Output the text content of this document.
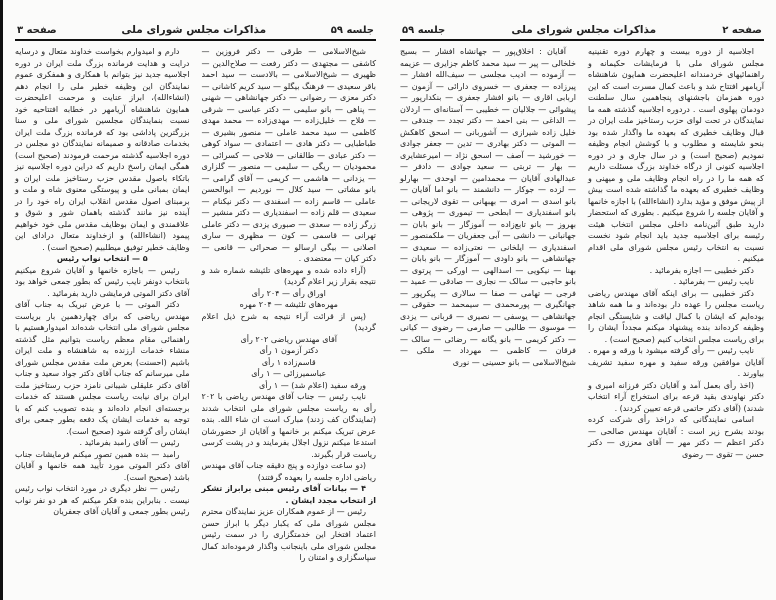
صفحه ۳	مذاکرات مجلس شورای ملی	جلسه ۵۹

شیخ‌الاسلامی — طرقی — دکتر فروزین — کاشفی — مجتهدی — دکتر رفعت — صلاح‌الدین — ظهیری — شیخ‌الاسلامی — بالادست — سید احمد باقر سعیدی — فرهنگ بیگلو — سید کریم کاشانی — دکتر معزی — رضوانی — دکتر جهانشاهی — شهنی — پناهی — بانو سلیمی — دکتر عباسی — شرقی — فلاح — خلیل‌زاده — مهدی‌زاده — محمد مهدی کاظمی — سید محمد عاملی — منصور بشیری — طباطبایی — دکتر هادی — اعتمادی — سواد کوهی — دکتر عبادی — طالقانی — فلاحی — کسرائی — محمودیان — ریگی — سلیمی — منصور — گلزاری — یزدانی — هاشمی — کریمی — آقای گرامی — بانو مشاتی — سید کلال — نوردیم — ابوالحسن عاملی — قاسم زاده — اسفندی — دکتر نیکنام — سعیدی — قلم زاده — اسفندیاری — دکتر منشیر — زرگر زاده — سعدی — صبوری یزدی — دکتر عاملی تهرانی — قاسمی — کون — مظهری — ساری اصلانی — بیگی ارسالو — صحرائی — قانعی — دکتر کیان — معتضدی .

(آراء داده شده و مهره‌های تلثیشه شماره شد و نتیجه بقرار زیر اعلام گردید)

اوراق رأی — ۲۰۴ رأی

مهره‌های تلثیشه — ۲۰۴ مهره

(پس از قرائت آراء نتیجه به شرح ذیل اعلام گردید)

آقای مهندس ریاضی ۲۰۲ رأی

دکتر آزمون ۱ رأی

قاسم‌زاده ۱ رأی

عباسمیرزائی — ۱ رأی

ورقه سفید (اعلام شد) — ۱ رأی

نایب رئیس — جناب آقای مهندس ریاضی با ۲۰۲ رأی به ریاست مجلس شورای ملی انتخاب شدند (تمایندگان کف زدند) مبارک است ان شاء الله. بنده عرض تبریک میکنم بر خانمها و آقایان از حضورشان استدعا میکنم نزول اجلال بفرمایند و در پشت کرسی ریاست قرار بگیرند.

(دو ساعت دوازده و پنج دقیقه جناب آقای مهندس ریاضی اداره جلسه را بعهده گرفتند)

۴ — بیانات آقای رئیس مبنی برابراز تشکر از انتخاب مجدد ایشان .

رئیس — از عموم همکاران عزیز نمایندگان محترم مجلس شورای ملی که یکبار دیگر با ابراز حسن اعتماد افتخار این خدمتگزاری را در سمت رئیس مجلس شورای ملی باینجانب واگذار فرموده‌اند کمال سپاسگزاری و امتنان را

دارم و امیدوارم بخواست خداوند متعال و درسایه درایت و هدایت فرمانده بزرگ ملت ایران در دوره اجلاسیه جدید نیز بتوانم با همکاری و همفکری عموم نمایندگان این وظیفه خطیر ملی را انجام دهم (انشاءالله)، ابراز عنایت و مرحمت اعلیحضرت همایون شاهنشاه آریامهر در خطابه افتتاحیه خود نسبت بنمایندگان مجلسین شورای ملی و سنا بزرگترین پاداشی بود که فرمانده بزرگ ملت ایران بخدمات صادقانه و صمیمانه نمایندگان دو مجلس در دوره اجلاسیه گذشته مرحمت فرمودند (صحیح است) همگی ایمان راسخ داریم که دراین دوره اجلاسیه نیز باتکاء باصول مقدس حزب رستاخیز ملت ایران و ایمان بمبانی ملی و پیوستگی معنوی شاه و ملت و برمبنای اصول مقدس انقلاب ایران راه خود را در آینده نیز مانند گذشته باهمان شور و شوق و علاقمندی و ایمان بوظایف مقدس ملی خود خواهیم پیمود (انشاءالله) و ازخداوند متعال درادای این وظایف خطیر توفیق میطلبیم (صحیح است) .

۵ — انتخاب نواب رئیس

رئیس — باجازه خانمها و آقایان شروع میکنیم بانتخاب دونفر نایب رئیس که بطور جمعی خواهد بود آقای دکتر الموتی فرمایشی دارید بفرمائید .

دکتر الموتی — با عرض تبریک به جناب آقای مهندس ریاضی که برای چهاردهمین بار بریاست مجلس شورای ملی انتخاب شده‌اند امیدوارهستیم با راهنمائی مقام معظم ریاست بتوانیم مثل گذشته منشاء خدمات ارزنده به شاهنشاه و ملت ایران باشیم (احسنت) بعرض ملت مقدس مجلس شورای ملی میرسانم که جناب آقای دکتر جواد سعید و جناب آقای دکتر علیقلی شیبانی نامزد حزب رستاخیز ملت ایران برای نیابت ریاست مجلس هستند که خدمات برجسته‌ای انجام داده‌اند و بنده تصویب کنم که با توجه به خدمات ایشان یک دفعه بطور جمعی برای ایشان رأی گرفته شود (صحیح است).

رئیس — آقای رامبد بفرمائید .

رامبد — بنده همین تصور میکنم فرمایشات جناب آقای دکتر الموتی مورد تأیید همه خانمها و آقایان باشد (صحیح است).

رئیس — نظر دیگری در مورد انتخاب نواب رئیس نیست . بنابراین بنده فکر میکنم که هر دو نفر نواب رئیس بطور جمعی و آقایان آقای جعفریان

جلسه ۵۹	مذاکرات مجلس شورای ملی	صفحه ۲

اجلاسیه از دوره بیست و چهارم دوره تقنینیه مجلس شورای ملی با فرمایشات حکیمانه و راهنمائیهای خردمندانه اعلیحضرت همایون شاهنشاه آریامهر افتتاح شد و باعث کمال مسرت است که این دوره همزمان باجشنهای پنجاهمین سال سلطنت دودمان پهلوی است . دردوره اجلاسیه گذشته همه ما نمایندگان در تحت لوای حزب رستاخیز ملت ایران در قبال وظایف خطیری که بعهده ما واگذار شده بود بنحو شایسته و مطلوب و با کوشش انجام وظیفه نمودیم (صحیح است) و در سال جاری و در دوره اجلاسیه کنونی از درگاه خداوند بزرگ مسئلت داریم که همه ما را در راه انجام وظایف ملی و میهنی و وظایف خطیری که بعهده ما گذاشته شده است بیش از پیش موفق و مؤید بدارد (انشاءالله) با اجازه خانمها و آقایان جلسه را شروع میکنیم . بطوری که استحضار دارید طبق آئین‌نامه داخلی مجلس انتخاب هیئت رئیسه برای اجلاسیه جدید باید انجام شود نخست نسبت به انتخاب رئیس مجلس شورای ملی اقدام میکنیم .

دکتر خطیبی — اجازه بفرمائید .

نایب رئیس — بفرمائید .

دکتر خطیبی — برای اینکه آقای مهندس ریاضی ریاست مجلس را عهده دار بوده‌اند و ما همه شاهد بوده‌ایم که ایشان با کمال لیاقت و شایستگی انجام وظیفه کرده‌اند بنده پیشنهاد میکنم مجدداً ایشان را برای ریاست مجلس انتخاب کنیم (صحیح است) .

نایب رئیس — رأی گرفته میشود با ورقه و مهره . آقایان موافقین ورقه سفید و مهره سفید تشریف بیاورند .

(اخذ رأی بعمل آمد و آقایان دکتر فرزانه امیری و دکتر نهاوندی بقید قرعه برای استخراج آراء انتخاب شدند) (آقای دکتر حاتمی قرعه تعیین کردند) .

اسامی نمایندگانی که دراخذ رأی شرکت کرده بودند بشرح زیر است : آقایان مهندس صالحی — دکتر اعظم — دکتر مهر — آقای معززی — دکتر حسن — تقوی — رضوی

آقایان : اخلاق‌پور — جهانشاه افشار — بسیج خلخالی — پیر — سید محمد کاظم جزایری — عزیمه — آزموده — ادیب مجلسی — سیف‌الله افشار — پیرزاده — جعفری — خسروی دارائی — آزمون — اربابی اقاری — بانو افشار جعفری — بنکدارپور — پیشوائی — جلالیان — خطیبی — آستانه‌ای — اردلان — الداغی — بنی احمد — دکتر تجدد — جندقی — خلیل زاده شیرازی — آشوربانی — اسحق کاهکش — الموتی — دکتر بهادری — تدین — جعفر جوادی — خورشید — آصف — اسحق نژاد — امیرعشایری — بهار — تربتی — سعید جوادی — دادفر — عبدالهادی آقایان — محمدامین — اوحدی — بهارلو — لزده — جوکار — دانشمند — بانو اما آقایان — بانو اسدی — امری — بهبهانی — تقوی لاریجانی — بانو اسفندیاری — ابطحی — تیموری — پژوهی — بهروز — بانو تابع‌زاده — آموزگار — بانو بابان — جهانبانی — دانشی — آبی جعفریان — ملکمنصور — اسفندیاری — ایلخانی — نعتی‌زاده — سعیدی — جهانشاهی — بانو داودی — آموزگار — بانو بابان — بهنا — نیکویی — اسدالهی — اورکی — پرتوی — بانو حاجبی — سالک — نجاری — صادقی — عمید — فرجی — تهامی — صفا — سالاری — پیکرپور — جهانگیری — پورمحمدی — سیمحمد — حقوقی — جهانشاهی — یوسفی — نصیری — قربانی — یزدی — موسوی — طالبی — صارمی — رضوی — کیانی — دکتر کریمی — بانو یگانه — رضائی — سالک — فرقان — کاظمی — مهرداد — ملکی — شیخ‌الاسلامی — بانو حسینی — نوری
